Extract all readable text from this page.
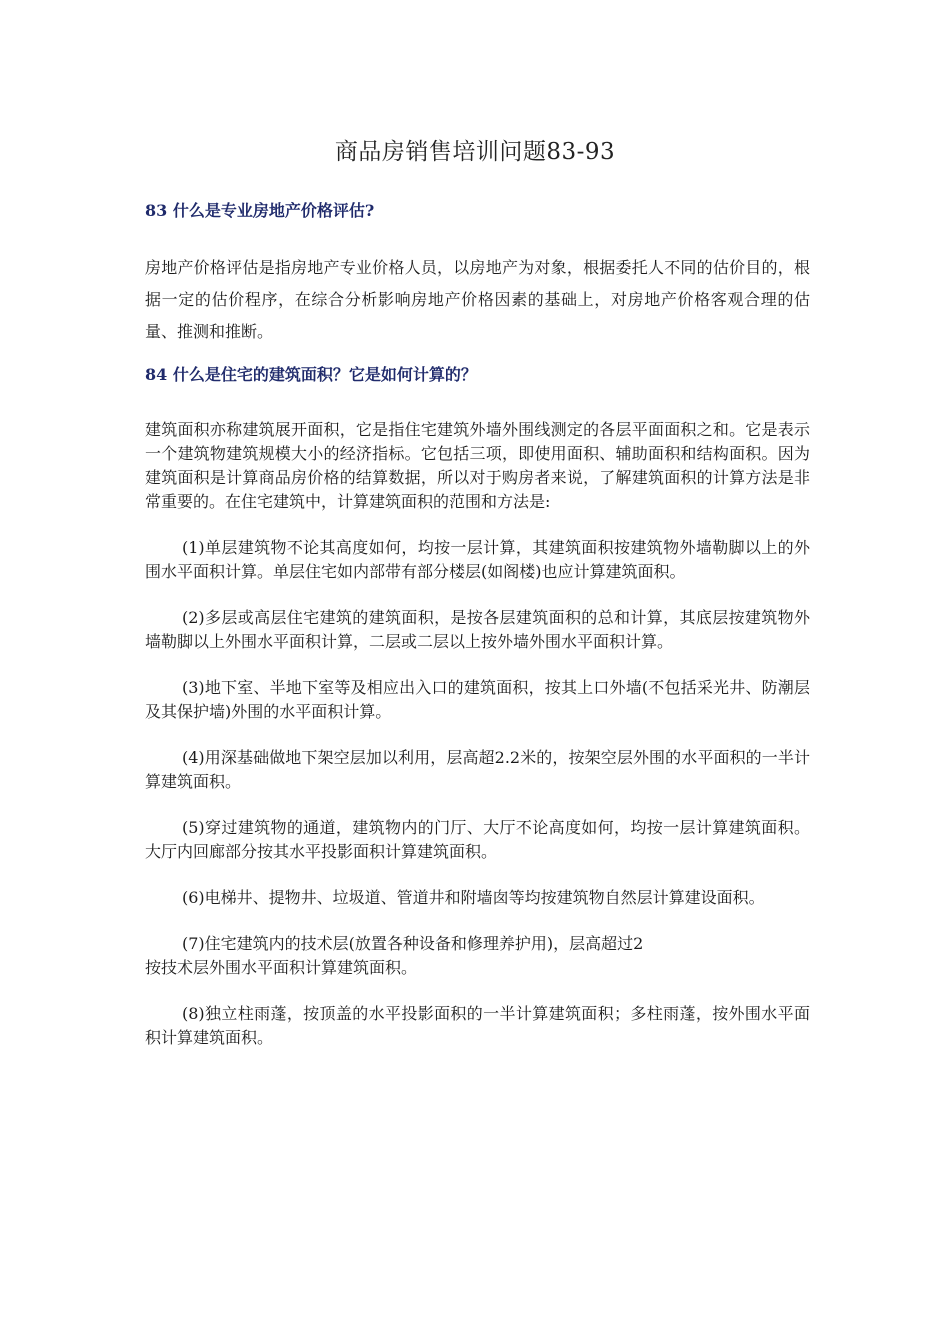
商品房销售培训问题83-93

83 什么是专业房地产价格评估?

房地产价格评估是指房地产专业价格人员，以房地产为对象，根据委托人不同的估价目的，根据一定的估价程序，在综合分析影响房地产价格因素的基础上，对房地产价格客观合理的估量、推测和推断。

84 什么是住宅的建筑面积？它是如何计算的？

建筑面积亦称建筑展开面积，它是指住宅建筑外墙外围线测定的各层平面面积之和。它是表示一个建筑物建筑规模大小的经济指标。它包括三项，即使用面积、辅助面积和结构面积。因为建筑面积是计算商品房价格的结算数据，所以对于购房者来说，了解建筑面积的计算方法是非常重要的。在住宅建筑中，计算建筑面积的范围和方法是:

(1)单层建筑物不论其高度如何，均按一层计算，其建筑面积按建筑物外墙勒脚以上的外围水平面积计算。单层住宅如内部带有部分楼层(如阁楼)也应计算建筑面积。

(2)多层或高层住宅建筑的建筑面积，是按各层建筑面积的总和计算，其底层按建筑物外墙勒脚以上外围水平面积计算，二层或二层以上按外墙外围水平面积计算。

(3)地下室、半地下室等及相应出入口的建筑面积，按其上口外墙(不包括采光井、防潮层及其保护墙)外围的水平面积计算。

(4)用深基础做地下架空层加以利用，层高超2.2米的，按架空层外围的水平面积的一半计算建筑面积。

(5)穿过建筑物的通道，建筑物内的门厅、大厅不论高度如何，均按一层计算建筑面积。大厅内回廊部分按其水平投影面积计算建筑面积。

(6)电梯井、提物井、垃圾道、管道井和附墙囱等均按建筑物自然层计算建设面积。

(7)住宅建筑内的技术层(放置各种设备和修理养护用)，层高超过2
按技术层外围水平面积计算建筑面积。

(8)独立柱雨蓬，按顶盖的水平投影面积的一半计算建筑面积；多柱雨蓬，按外围水平面积计算建筑面积。
